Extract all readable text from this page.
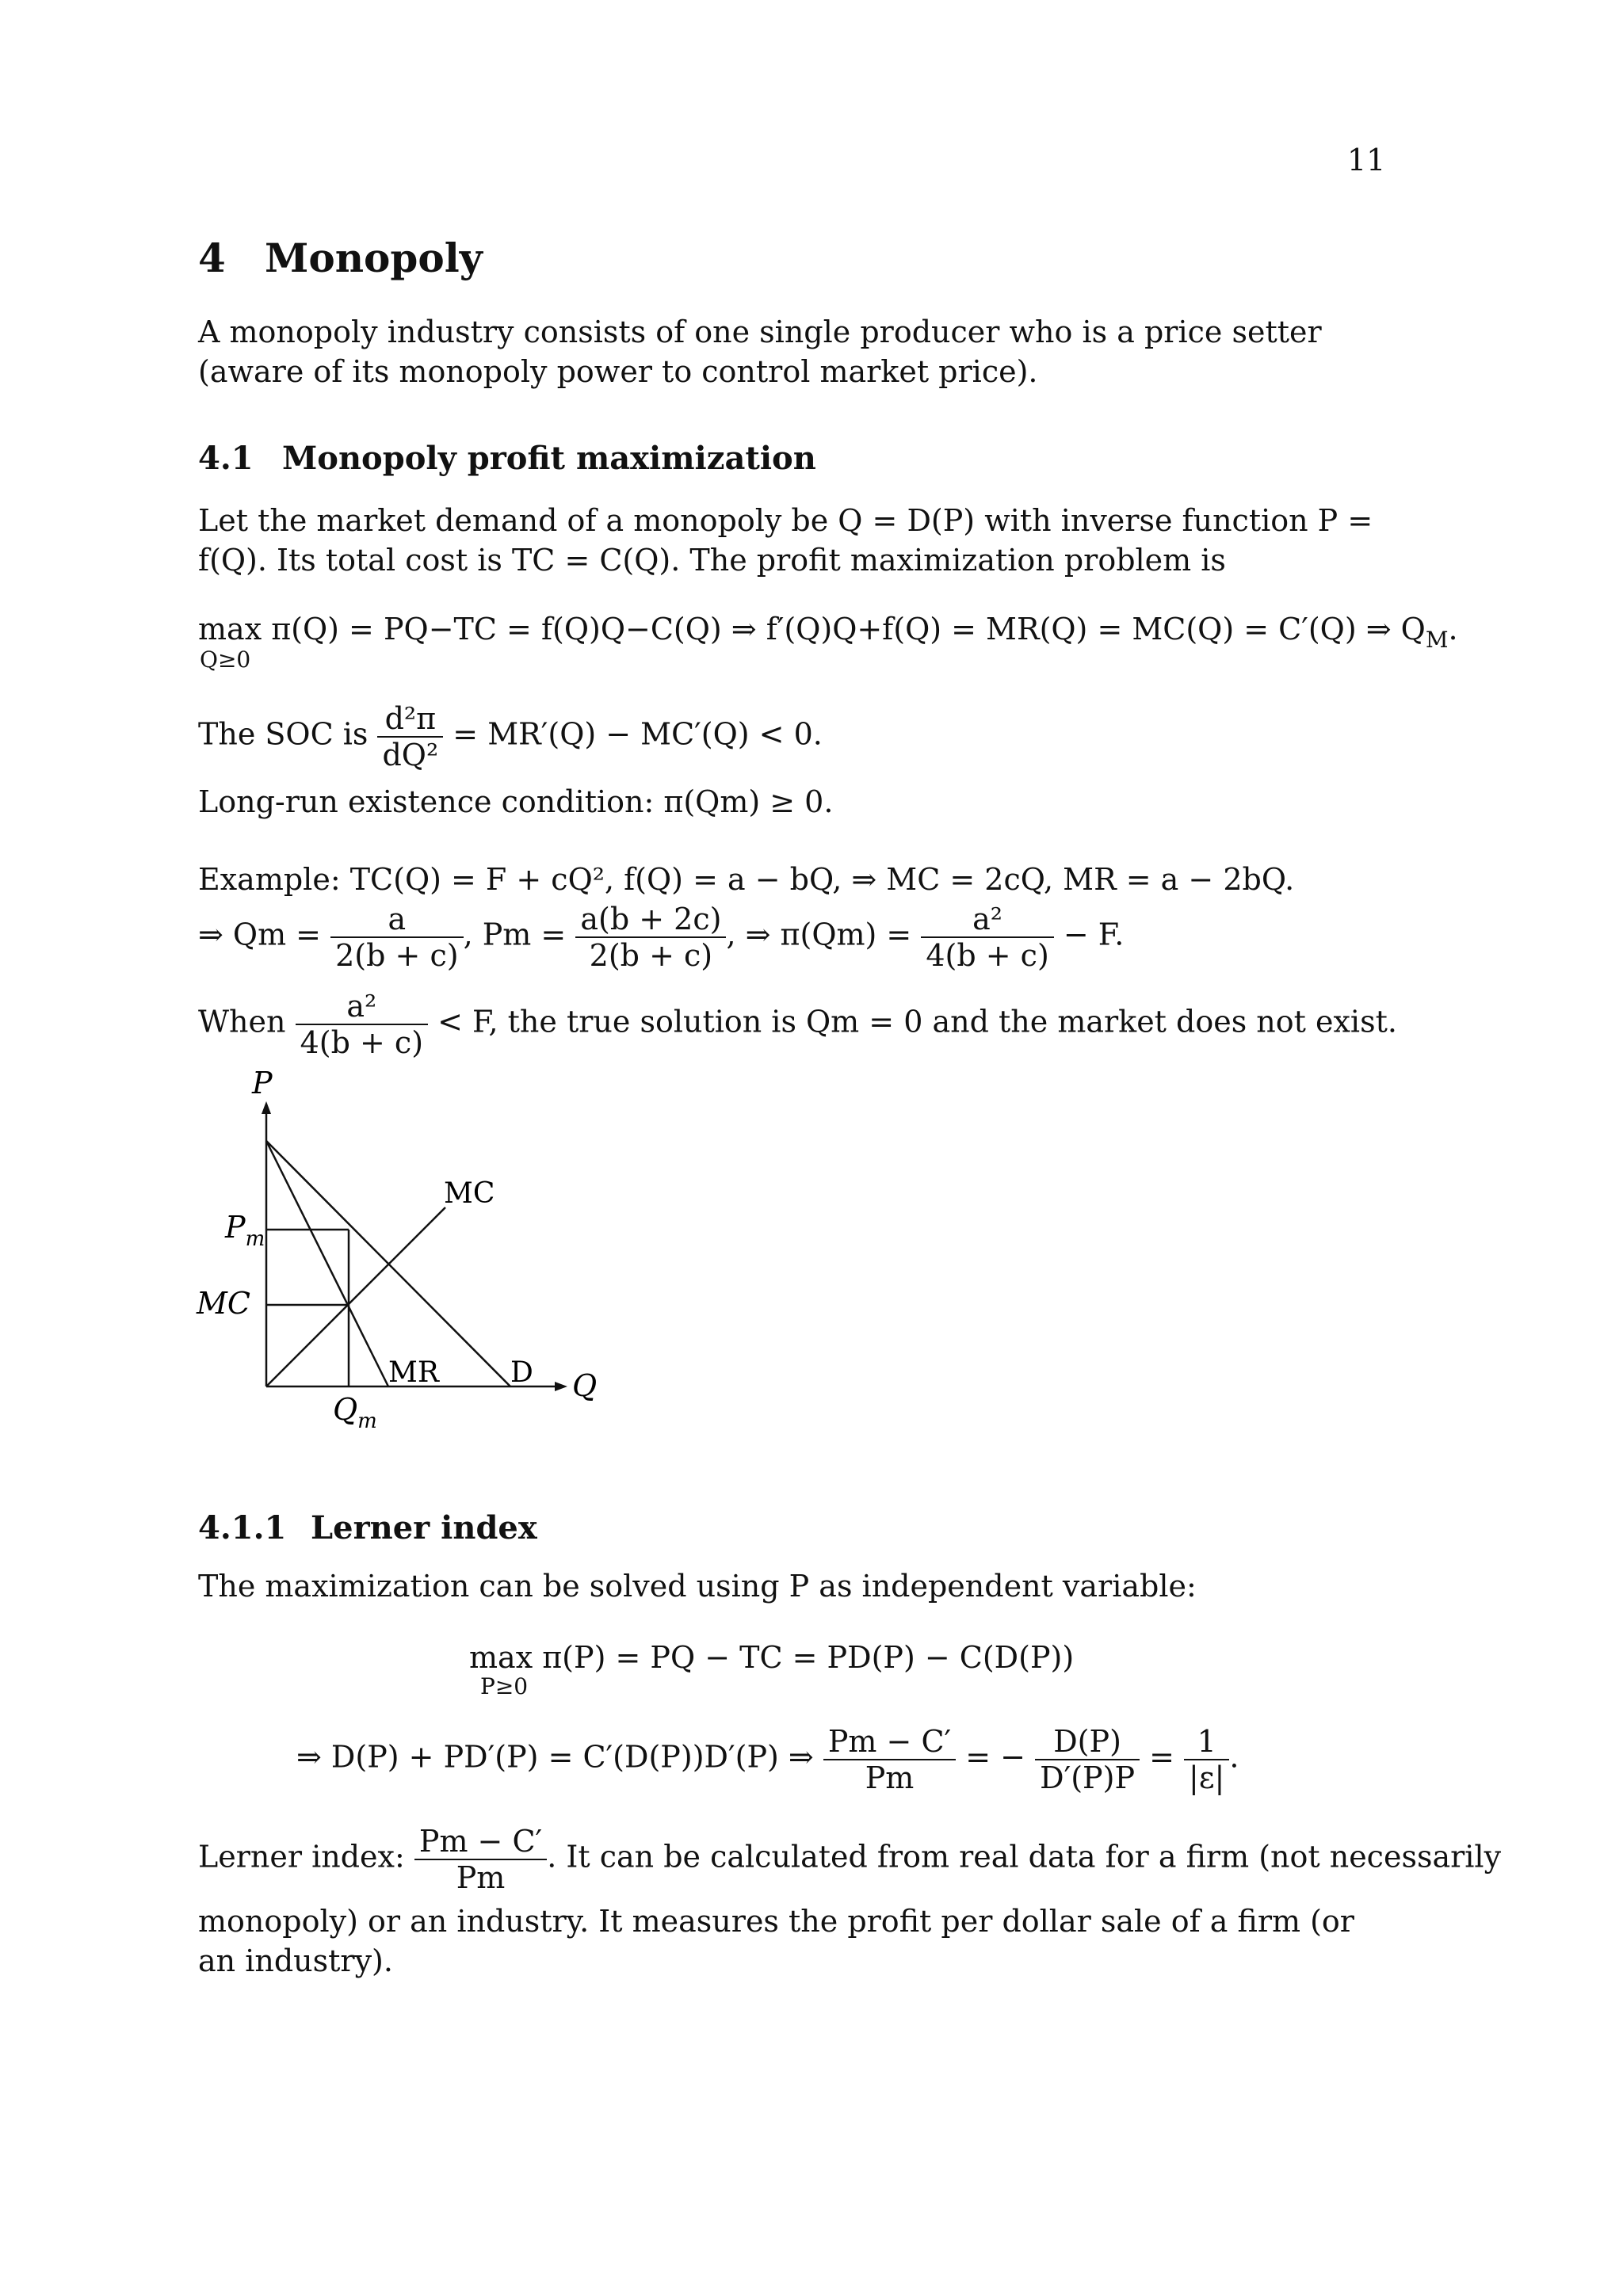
11
4 Monopoly
A monopoly industry consists of one single producer who is a price setter (aware of its monopoly power to control market price).
4.1 Monopoly profit maximization
Let the market demand of a monopoly be Q = D(P) with inverse function P = f(Q). Its total cost is TC = C(Q). The profit maximization problem is
max π(Q) = PQ−TC = f(Q)Q−C(Q) ⇒ f′(Q)Q+f(Q) = MR(Q) = MC(Q) = C′(Q) ⇒ $Q_M$.
Q≥0
The SOC is $\frac{\text{d²π}}{\text{dQ²}} = MR'(Q) - MC'(Q) < 0$.
Long-run existence condition: π(Qm) ≥ 0.
Example: TC(Q) = F + cQ², f(Q) = a − bQ, ⇒ MC = 2cQ, MR = a − 2bQ.
⇒ $Qm = \frac{a}{2(b + c)}$ , $Pm = \frac{a(b + 2c)}{2(b + c)}$ , ⇒ $\pi(Qm) = \frac{\text{a²}}{4(b + c)} - F$.
When $\frac{\text{a²}}{4(b + c)} < F$, the true solution is Qm = 0 and the market does not exist.
P
Q
$P_m$
MC
MC
MR	D
$Q_m$
4.1.1 Lerner index
The maximization can be solved using P as independent variable:
max π(P) = PQ − TC = PD(P) − C(D(P))
P≥0
⇒ D(P) + PD′(P) = C′(D(P))D′(P) ⇒ $\frac{Pm - C'}{Pm}$ = − $\frac{D(P)}{D'(P)P} = \frac{1}{|\varepsilon|}$ .
Lerner index: $\frac{Pm - C'}{Pm}$ . It can be calculated from real data for a firm (not necessarily
monopoly) or an industry. It measures the profit per dollar sale of a firm (or an industry).
